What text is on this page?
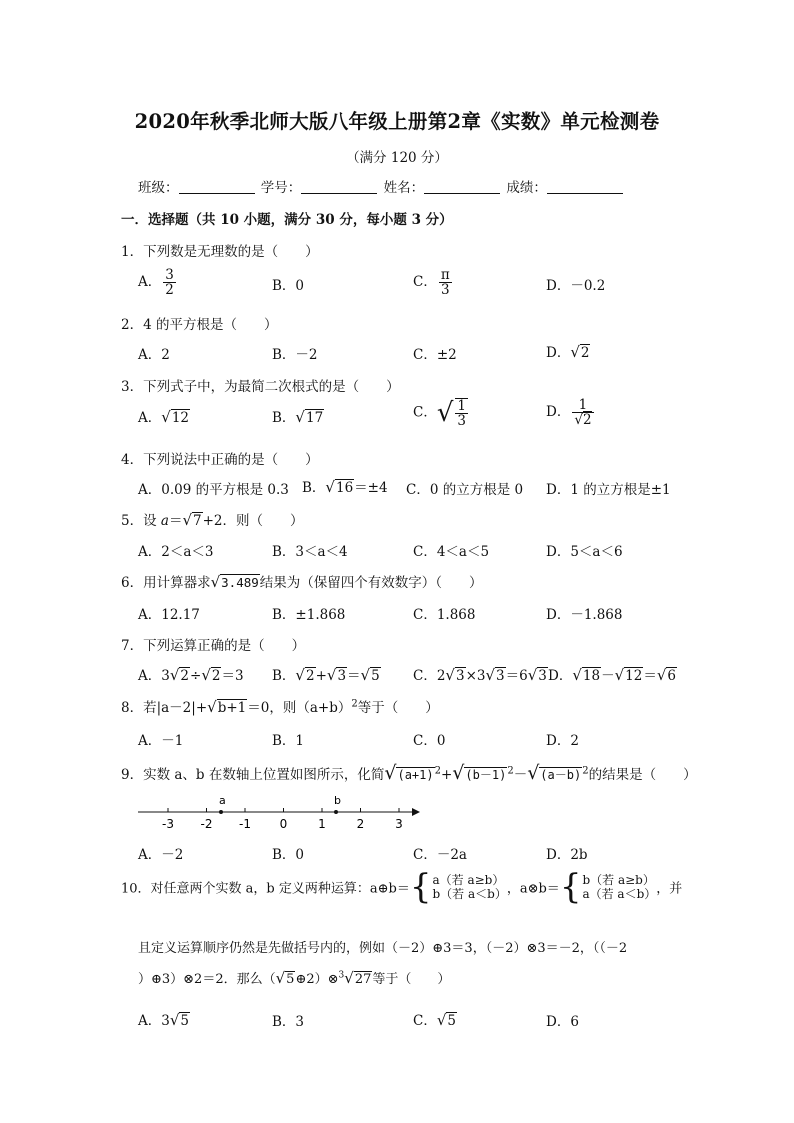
2020年秋季北师大版八年级上册第2章《实数》单元检测卷
（满分 120 分）
班级：	学号：	姓名：	成绩：
一．选择题（共 10 小题，满分 30 分，每小题 3 分）
1．下列数是无理数的是（　　）
A． $\frac{3}{2}$	B．0	C． $\frac{\pi}{3}$	D．－0.2
2．4 的平方根是（　　）
A．2	B．－2	C．±2	D．√2
3．下列式子中，为最简二次根式的是（　　）
A．√12	B．√17	C．√ $\frac{1}{3}$	D． $\frac{1}{√2}$
4．下列说法中正确的是（　　）
A．0.09 的平方根是 0.3 B．√16＝±4 C．0 的立方根是 0 D．1 的立方根是±1
5．设 a＝√7+2．则（　　）
A．2＜a＜3	B．3＜a＜4	C．4＜a＜5	D．5＜a＜6
6．用计算器求√3.489结果为（保留四个有效数字）（　　）
A．12.17	B．±1.868	C．1.868	D．－1.868
7．下列运算正确的是（　　）
A．3√2÷√2＝3 B．√2+√3＝√5 C．2√3×3√3＝6√3 D．√18－√12＝√6
8．若|a－2|+√b+1＝0，则$(a+b)^2$等于（　　）
A．－1	B．1	C．0	D．2
9．实数 a、b 在数轴上位置如图所示，化简$√(a+1)^2+√(b-1)^2-√(a-b)^2$的结果是（　　）
-3 -2 -1 0	1	2	3
a	b
A．－2	B．0	C．－2a	D．2b
10．对任意两个实数 a，b 定义两种运算：a⊕b＝{ a（若 a≥b）
b（若 a＜b） ，a⊗b＝{ b（若 a≥b）
a（若 a＜b） ，并
且定义运算顺序仍然是先做括号内的，例如（－2）⊕3＝3，（－2）⊗3＝－2，（（－2
）⊕3）⊗2＝2．那么（√5⊕2）⊗$^3$√27等于（　　）
A．3√5	B．3	C．√5	D．6
